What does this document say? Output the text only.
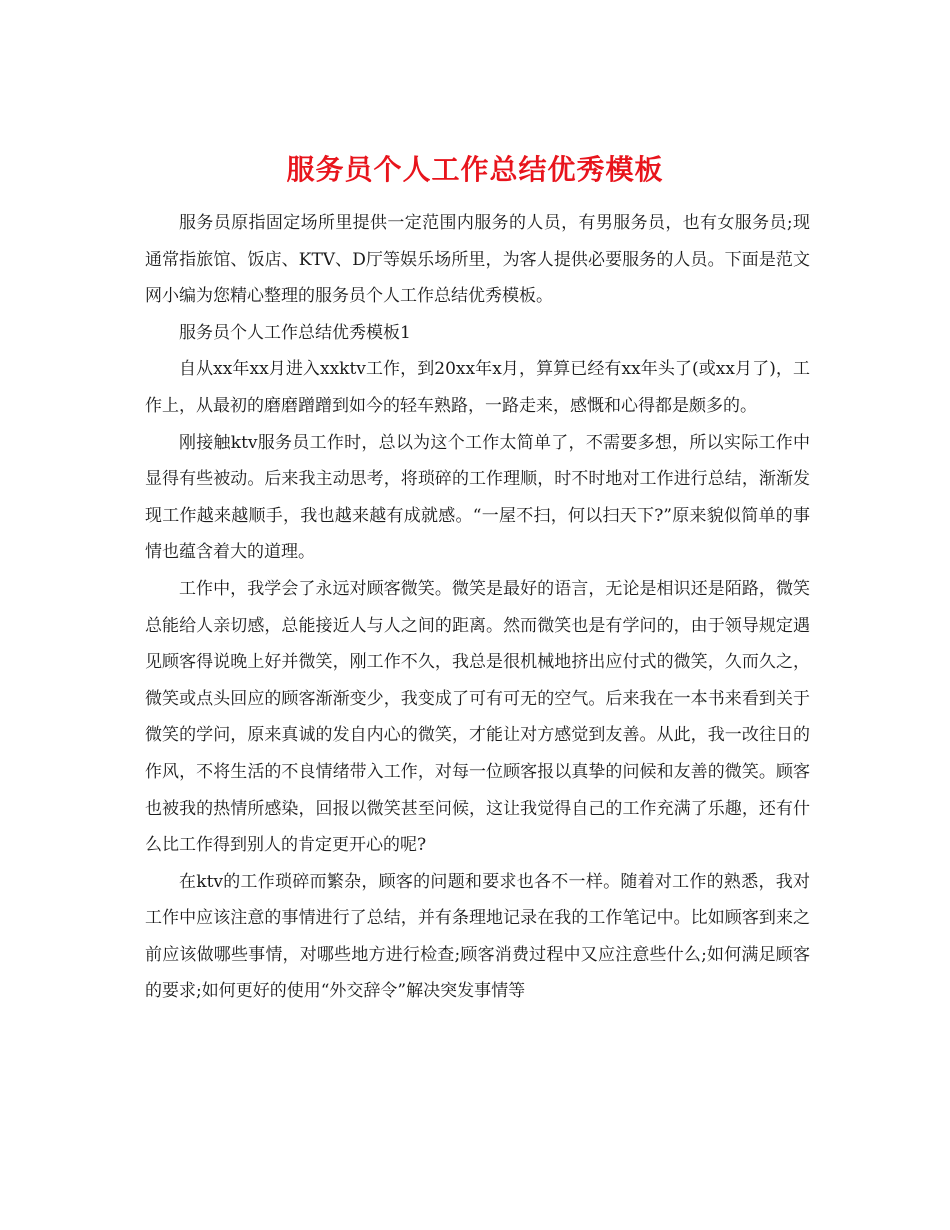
服务员个人工作总结优秀模板

服务员原指固定场所里提供一定范围内服务的人员，有男服务员，也有女服务员;现通常指旅馆、饭店、KTV、D厅等娱乐场所里，为客人提供必要服务的人员。下面是范文网小编为您精心整理的服务员个人工作总结优秀模板。

服务员个人工作总结优秀模板1

自从xx年xx月进入xxktv工作，到20xx年x月，算算已经有xx年头了(或xx月了)，工作上，从最初的磨磨蹭蹭到如今的轻车熟路，一路走来，感慨和心得都是颇多的。

刚接触ktv服务员工作时，总以为这个工作太简单了，不需要多想，所以实际工作中显得有些被动。后来我主动思考，将琐碎的工作理顺，时不时地对工作进行总结，渐渐发现工作越来越顺手，我也越来越有成就感。“一屋不扫，何以扫天下?”原来貌似简单的事情也蕴含着大的道理。

工作中，我学会了永远对顾客微笑。微笑是最好的语言，无论是相识还是陌路，微笑总能给人亲切感，总能接近人与人之间的距离。然而微笑也是有学问的，由于领导规定遇见顾客得说晚上好并微笑，刚工作不久，我总是很机械地挤出应付式的微笑，久而久之，微笑或点头回应的顾客渐渐变少，我变成了可有可无的空气。后来我在一本书来看到关于微笑的学问，原来真诚的发自内心的微笑，才能让对方感觉到友善。从此，我一改往日的作风，不将生活的不良情绪带入工作，对每一位顾客报以真挚的问候和友善的微笑。顾客也被我的热情所感染，回报以微笑甚至问候，这让我觉得自己的工作充满了乐趣，还有什么比工作得到别人的肯定更开心的呢?

在ktv的工作琐碎而繁杂，顾客的问题和要求也各不一样。随着对工作的熟悉，我对工作中应该注意的事情进行了总结，并有条理地记录在我的工作笔记中。比如顾客到来之前应该做哪些事情，对哪些地方进行检查;顾客消费过程中又应注意些什么;如何满足顾客的要求;如何更好的使用“外交辞令”解决突发事情等
